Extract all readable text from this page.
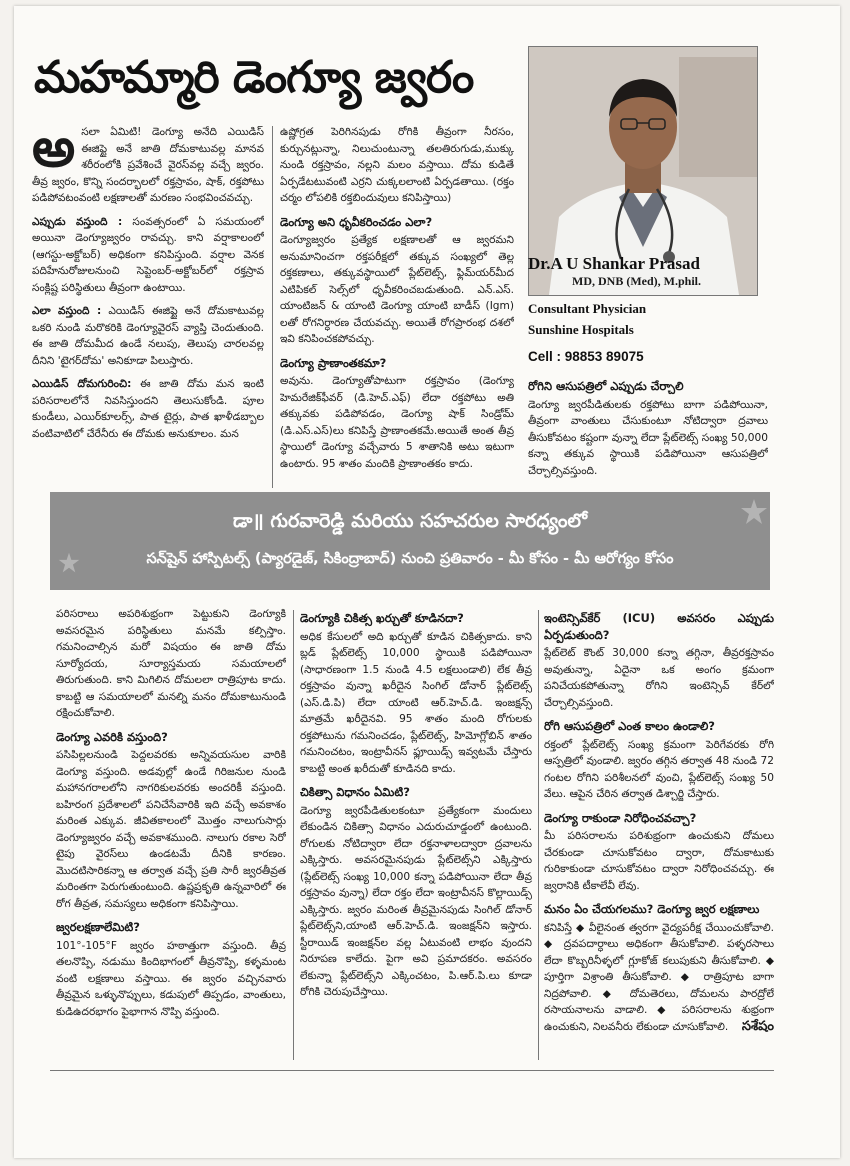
మహమ్మారి డెంగ్యూ జ్వరం
Dr.A U Shankar Prasad
MD, DNB (Med), M.phil.
Consultant Physician
Sunshine Hospitals
Cell : 98853 89075

అసలా ఏమిటి! డెంగ్యూ అనేది ఎయిడిస్ ఈజిప్టై అనే జాతి దోమకాటువల్ల మానవ శరీరంలోకి ప్రవేశించే వైరస్‌వల్ల వచ్చే జ్వరం. తీవ్ర జ్వరం, కొన్ని సందర్భాలలో రక్తస్రావం, షాక్, రక్తపోటు పడిపోవటంవంటి లక్షణాలతో మరణం సంభవించవచ్చు.

ఎప్పుడు వస్తుంది : సంవత్సరంలో ఏ సమయంలో అయినా డెంగ్యూజ్వరం రావచ్చు. కాని వర్షాకాలంలో (ఆగస్టు-అక్టోబర్) అధికంగా కనిపిస్తుంది. వర్షాల వెనక పదిహేనురోజులనుంచి సెప్టెంబర్-అక్టోబర్‌లో రక్తస్రావ సంక్లిష్ట పరిస్థితులు తీవ్రంగా ఉంటాయి.

ఎలా వస్తుంది : ఎయిడిస్ ఈజిప్టై అనే దోమకాటువల్ల ఒకరి నుండి మరొకరికి డెంగ్యూవైరస్ వ్యాప్తి చెందుతుంది. ఈ జాతి దోమమీద ఉండే నలుపు, తెలుపు చారలవల్ల దీనిని 'టైగర్‌దోమ' అనికూడా పిలుస్తారు.

ఎయిడిస్ దోమగురించి: ఈ జాతి దోమ మన ఇంటి పరిసరాలలోనే నివసిస్తుందని తెలుసుకోండి. పూల కుండీలు, ఎయిర్‌కూలర్స్, పాత టైర్లు, పాత ఖాళీడబ్బాల వంటివాటిలో చేరేనీరు ఈ దోమకు అనుకూలం. మన

ఉష్ణోగ్రత పెరిగినపుడు రోగికి తీవ్రంగా నీరసం, కుర్చునట్లున్నా, నిలుచుంటున్నా తలతిరుగుడు,ముక్కు నుండి రక్తస్రావం, నల్లని మలం వస్తాయి. దోమ కుడితే ఏర్పడేటటువంటి ఎర్రని చుక్కలలాంటి ఏర్పడతాయి. (రక్తం చర్మం లోపలికి రక్తబిందువులు కనిపిస్తాయి)

డెంగ్యూ అని ధృవీకరించడం ఎలా?

డెంగ్యూజ్వరం ప్రత్యేక లక్షణాలతో ఆ జ్వరమని అనుమానించగా రక్తపరీక్షలో తక్కువ సంఖ్యలో తెల్ల రక్తకణాలు, తక్కువస్థాయిలో ప్లేట్‌లెట్స్, ఫ్లిమ్‌యర్‌మీద ఎటిపికల్ సెల్స్‌లో ధృవీకరించబడుతుంది. ఎన్.ఎస్. యాంటిజన్ & యాంటి డెంగ్యూ యాంటి బాడీస్ (Igm) లతో రోగనిర్ధారణ చేయవచ్చు. అయితే రోగప్రారంభ దశలో ఇవి కనిపించకపోవచ్చు.

డెంగ్యూ ప్రాణాంతకమా?

అవును. డెంగ్యూతోపాటుగా రక్తస్రావం (డెంగ్యూ హెమరేజిక్‌ఫీవర్ (డి.హెచ్.ఎఫ్) లేదా రక్తపోటు అతి తక్కువకు పడిపోవడం, డెంగ్యూ షాక్ సిండ్రోమ్ (డి.ఎస్.ఎస్)లు కనిపిస్తే ప్రాణాంతకమే.అయితే అంత తీవ్ర స్థాయిలో డెంగ్యూ వచ్చేవారు 5 శాతానికి అటు ఇటుగా ఉంటారు. 95 శాతం మందికి ప్రాణాంతకం కాదు.

రోగిని ఆసుపత్రిలో ఎప్పుడు చేర్చాలి

డెంగ్యూ జ్వరపీడితులకు రక్తపోటు బాగా పడిపోయినా, తీవ్రంగా వాంతులు చేసుకుంటూ నోటిద్వారా ద్రవాలు తీసుకోవటం కష్టంగా వున్నా లేదా ప్లేట్‌లెట్స్ సంఖ్య 50,000 కన్నా తక్కువ స్థాయికి పడిపోయినా ఆసుపత్రిలో చేర్చాల్సివస్తుంది.

డా॥ గురవారెడ్డి మరియు సహచరుల సారధ్యంలో
సన్‌షైన్ హాస్పిటల్స్ (ప్యారడైజ్, సికింద్రాబాద్) నుంచి ప్రతివారం - మీ కోసం - మీ ఆరోగ్యం కోసం

పరిసరాలు అపరిశుభ్రంగా పెట్టుకుని డెంగ్యూకి అవసరమైన పరిస్థితులు మనమే కల్పిస్తాం. గమనించాల్సిన మరో విషయం ఈ జాతి దోమ సూర్యోదయ, సూర్యాస్తమయ సమయాలలో తిరుగుతుంది. కాని మిగిలిన దోమలలా రాత్రిపూట కాదు. కాబట్టి ఆ సమయాలలో మనల్ని మనం దోమకాటునుండి రక్షించుకోవాలి.

డెంగ్యూ ఎవరికి వస్తుంది?

పసిపిల్లలనుండి పెద్దలవరకు అన్నివయసుల వారికి డెంగ్యూ వస్తుంది. అడవుల్లో ఉండే గిరిజనుల నుండి మహానగరాలలోని నాగరికులవరకు అందరికీ వస్తుంది. బహిరంగ ప్రదేశాలలో పనిచేసేవారికి ఇది వచ్చే అవకాశం మరింత ఎక్కువ. జీవితకాలంలో మొత్తం నాలుగుసార్లు డెంగ్యూజ్వరం వచ్చే అవకాశముంది. నాలుగు రకాల సెరో టైపు వైరస్‌లు ఉండటమే దీనికి కారణం. మొదటిసారికన్నా ఆ తర్వాత వచ్చే ప్రతి సారీ జ్వరతీవ్రత మరింతగా పెరుగుతుంటుంది. ఉష్ణప్రకృతి ఉన్నవారిలో ఈ రోగ తీవ్రత, సమస్యలు అధికంగా కనిపిస్తాయి.

జ్వరలక్షణాలేమిటి?

101°-105°F జ్వరం హఠాత్తుగా వస్తుంది. తీవ్ర తలనొప్పి, నడుము కిందిభాగంలో తీవ్రనొప్పి, కళ్ళమంట వంటి లక్షణాలు వస్తాయి. ఈ జ్వరం వచ్చినవారు తీవ్రమైన ఒళ్ళునొప్పులు, కడుపులో తిప్పడం, వాంతులు, కుడిఉదరభాగం పైభాగాన నొప్పి వస్తుంది.

డెంగ్యూకి చికిత్స ఖర్చుతో కూడినదా?

అధిక కేసులలో అది ఖర్చుతో కూడిన చికిత్సకాదు. కాని బ్లడ్ ప్లేట్‌లెట్స్ 10,000 స్థాయికి పడిపోయినా (సాధారణంగా 1.5 నుండి 4.5 లక్షలుండాలి) లేక తీవ్ర రక్తస్రావం వున్నా ఖరీదైన సింగిల్ డోనార్ ప్లేట్‌లెట్స్ (ఎస్.డి.పి) లేదా యాంటి ఆర్.హెచ్.డి. ఇంజక్షన్స్ మాత్రమే ఖరీదైనవి. 95 శాతం మంది రోగులకు రక్తపోటును గమనించడం, ప్లేట్‌లెట్స్, హిమోగ్లోబిన్ శాతం గమనించటం, ఇంట్రావీనస్ ఫ్లూయిడ్స్ ఇవ్వటమే చేస్తారు కాబట్టి అంత ఖరీదుతో కూడినది కాదు.

చికిత్సా విధానం ఏమిటి?

డెంగ్యూ జ్వరపీడితులకంటూ ప్రత్యేకంగా మందులు లేకుండిన చికిత్సా విధానం ఎదురుచూడ్డంలో ఉంటుంది. రోగులకు నోటిద్వారా లేదా రక్తనాళాలద్వారా ద్రవాలను ఎక్కిస్తారు. అవసరమైనపుడు ప్లేట్‌లెట్స్‌ని ఎక్కిస్తారు (ప్లేట్‌లెట్స్ సంఖ్య 10,000 కన్నా పడిపోయినా లేదా తీవ్ర రక్తస్రావం వున్నా) లేదా రక్తం లేదా ఇంట్రావీనస్ కొల్లాయిడ్స్ ఎక్కిస్తారు. జ్వరం మరింత తీవ్రమైనపుడు సింగిల్ డోనార్ ప్లేట్‌లెట్స్‌ని,యాంటి ఆర్.హెచ్.డి. ఇంజక్షన్‌ని ఇస్తారు. స్టీరాయిడ్ ఇంజక్షన్‌ల వల్ల ఏటువంటి లాభం వుందని నిరూపణ కాలేదు. పైగా అవి ప్రమాదకరం. అవసరం లేకున్నా ప్లేట్‌లెట్స్‌ని ఎక్కించటం, పి.ఆర్.పి.లు కూడా రోగికి చెరుపుచేస్తాయి.

ఇంటెన్సివ్‌కేర్ (ICU) అవసరం ఎప్పుడు ఏర్పడుతుంది?

ప్లేట్‌లెట్ కౌంట్ 30,000 కన్నా తగ్గినా, తీవ్రరక్తస్రావం అవుతున్నా, ఏదైనా ఒక అంగం క్రమంగా పనిచేయకపోతున్నా రోగిని ఇంటెన్సివ్ కేర్‌లో చేర్చాల్సివస్తుంది.

రోగి ఆసుపత్రిలో ఎంత కాలం ఉండాలి?

రక్తంలో ప్లేట్‌లెట్స్ సంఖ్య క్రమంగా పెరిగేవరకు రోగి ఆస్పత్రిలో వుండాలి. జ్వరం తగ్గిన తర్వాత 48 నుండి 72 గంటల రోగిని పరిశీలనలో వుంచి, ప్లేట్‌లెట్స్ సంఖ్య 50 వేలు. ఆపైన చేరిన తర్వాత డిశ్చార్జి చేస్తారు.

డెంగ్యూ రాకుండా నిరోధించవచ్చా?

మీ పరిసరాలను పరిశుభ్రంగా ఉంచుకుని దోమలు చేరకుండా చూసుకోవటం ద్వారా, దోమకాటుకు గురికాకుండా చూసుకోవటం ద్వారా నిరోధించవచ్చు. ఈ జ్వరానికి టీకాలేవీ లేవు.

మనం ఏం చేయగలము? డెంగ్యూ జ్వర లక్షణాలు

కనిపిస్తే ◆ వీలైనంత త్వరగా వైద్యపరీక్ష చేయించుకోవాలి. ◆ ద్రవపదార్ధాలు అధికంగా తీసుకోవాలి. పళ్ళరసాలు లేదా కొబ్బరినీళ్ళలో గ్లూకోజ్ కలుపుకుని తీసుకోవాలి. ◆ పూర్తిగా విశ్రాంతి తీసుకోవాలి. ◆ రాత్రిపూట బాగా నిద్రపోవాలి. ◆ దోమతెరలు, దోమలను పారద్రోలే రసాయనాలను వాడాలి. ◆ పరిసరాలను శుభ్రంగా ఉంచుకుని, నిలవనీరు లేకుండా చూసుకోవాలి. సశేషం
